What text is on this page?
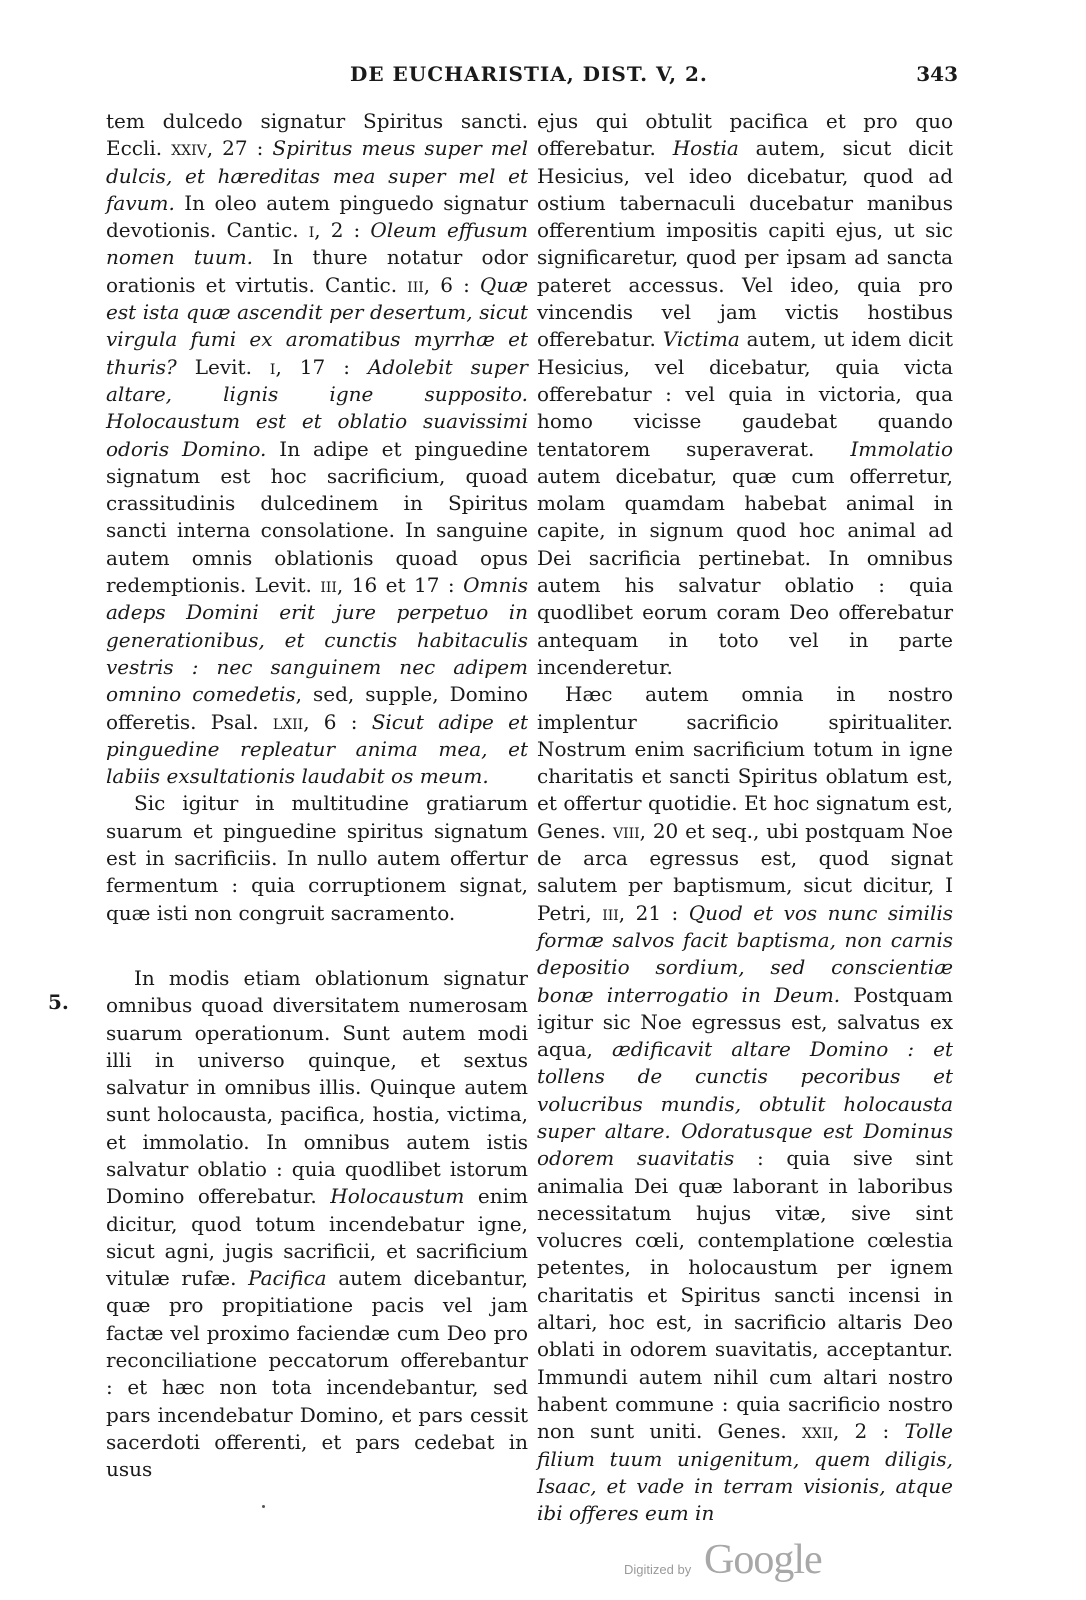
DE EUCHARISTIA, DIST. V, 2.	343
5.

tem dulcedo signatur Spiritus sancti. Eccli. xxiv, 27 : Spiritus meus super mel dulcis, et hæreditas mea super mel et favum. In oleo autem pinguedo signatur devotionis. Cantic. i, 2 : Oleum effusum nomen tuum. In thure notatur odor orationis et virtutis. Cantic. iii, 6 : Quæ est ista quæ ascendit per desertum, sicut virgula fumi ex aromatibus myrrhæ et thuris? Levit. i, 17 : Adolebit super altare, lignis igne supposito. Holocaustum est et oblatio suavissimi odoris Domino. In adipe et pinguedine signatum est hoc sacrificium, quoad crassitudinis dulcedinem in Spiritus sancti interna consolatione. In sanguine autem omnis oblationis quoad opus redemptionis. Levit. iii, 16 et 17 : Omnis adeps Domini erit jure perpetuo in generationibus, et cunctis habitaculis vestris : nec sanguinem nec adipem omnino comedetis, sed, supple, Domino offeretis. Psal. lxii, 6 : Sicut adipe et pinguedine repleatur anima mea, et labiis exsultationis laudabit os meum.

Sic igitur in multitudine gratiarum suarum et pinguedine spiritus signatum est in sacrificiis. In nullo autem offertur fermentum : quia corruptionem signat, quæ isti non congruit sacramento.

In modis etiam oblationum signatur omnibus quoad diversitatem numerosam suarum operationum. Sunt autem modi illi in universo quinque, et sextus salvatur in omnibus illis. Quinque autem sunt holocausta, pacifica, hostia, victima, et immolatio. In omnibus autem istis salvatur oblatio : quia quodlibet istorum Domino offerebatur. Holocaustum enim dicitur, quod totum incendebatur igne, sicut agni, jugis sacrificii, et sacrificium vitulæ rufæ. Pacifica autem dicebantur, quæ pro propitiatione pacis vel jam factæ vel proximo faciendæ cum Deo pro reconciliatione peccatorum offerebantur : et hæc non tota incendebantur, sed pars incendebatur Domino, et pars cessit sacerdoti offerenti, et pars cedebat in usus

ejus qui obtulit pacifica et pro quo offerebatur. Hostia autem, sicut dicit Hesicius, vel ideo dicebatur, quod ad ostium tabernaculi ducebatur manibus offerentium impositis capiti ejus, ut sic significaretur, quod per ipsam ad sancta pateret accessus. Vel ideo, quia pro vincendis vel jam victis hostibus offerebatur. Victima autem, ut idem dicit Hesicius, vel dicebatur, quia victa offerebatur : vel quia in victoria, qua homo vicisse gaudebat quando tentatorem superaverat. Immolatio autem dicebatur, quæ cum offerretur, molam quamdam habebat animal in capite, in signum quod hoc animal ad Dei sacrificia pertinebat. In omnibus autem his salvatur oblatio : quia quodlibet eorum coram Deo offerebatur antequam in toto vel in parte incenderetur.

Hæc autem omnia in nostro implentur sacrificio spiritualiter. Nostrum enim sacrificium totum in igne charitatis et sancti Spiritus oblatum est, et offertur quotidie. Et hoc signatum est, Genes. viii, 20 et seq., ubi postquam Noe de arca egressus est, quod signat salutem per baptismum, sicut dicitur, I Petri, iii, 21 : Quod et vos nunc similis formæ salvos facit baptisma, non carnis depositio sordium, sed conscientiæ bonæ interrogatio in Deum. Postquam igitur sic Noe egressus est, salvatus ex aqua, ædificavit altare Domino : et tollens de cunctis pecoribus et volucribus mundis, obtulit holocausta super altare. Odoratusque est Dominus odorem suavitatis : quia sive sint animalia Dei quæ laborant in laboribus necessitatum hujus vitæ, sive sint volucres cœli, contemplatione cœlestia petentes, in holocaustum per ignem charitatis et Spiritus sancti incensi in altari, hoc est, in sacrificio altaris Deo oblati in odorem suavitatis, acceptantur. Immundi autem nihil cum altari nostro habent commune : quia sacrificio nostro non sunt uniti. Genes. xxii, 2 : Tolle filium tuum unigenitum, quem diligis, Isaac, et vade in terram visionis, atque ibi offeres eum in

Digitized by Google
